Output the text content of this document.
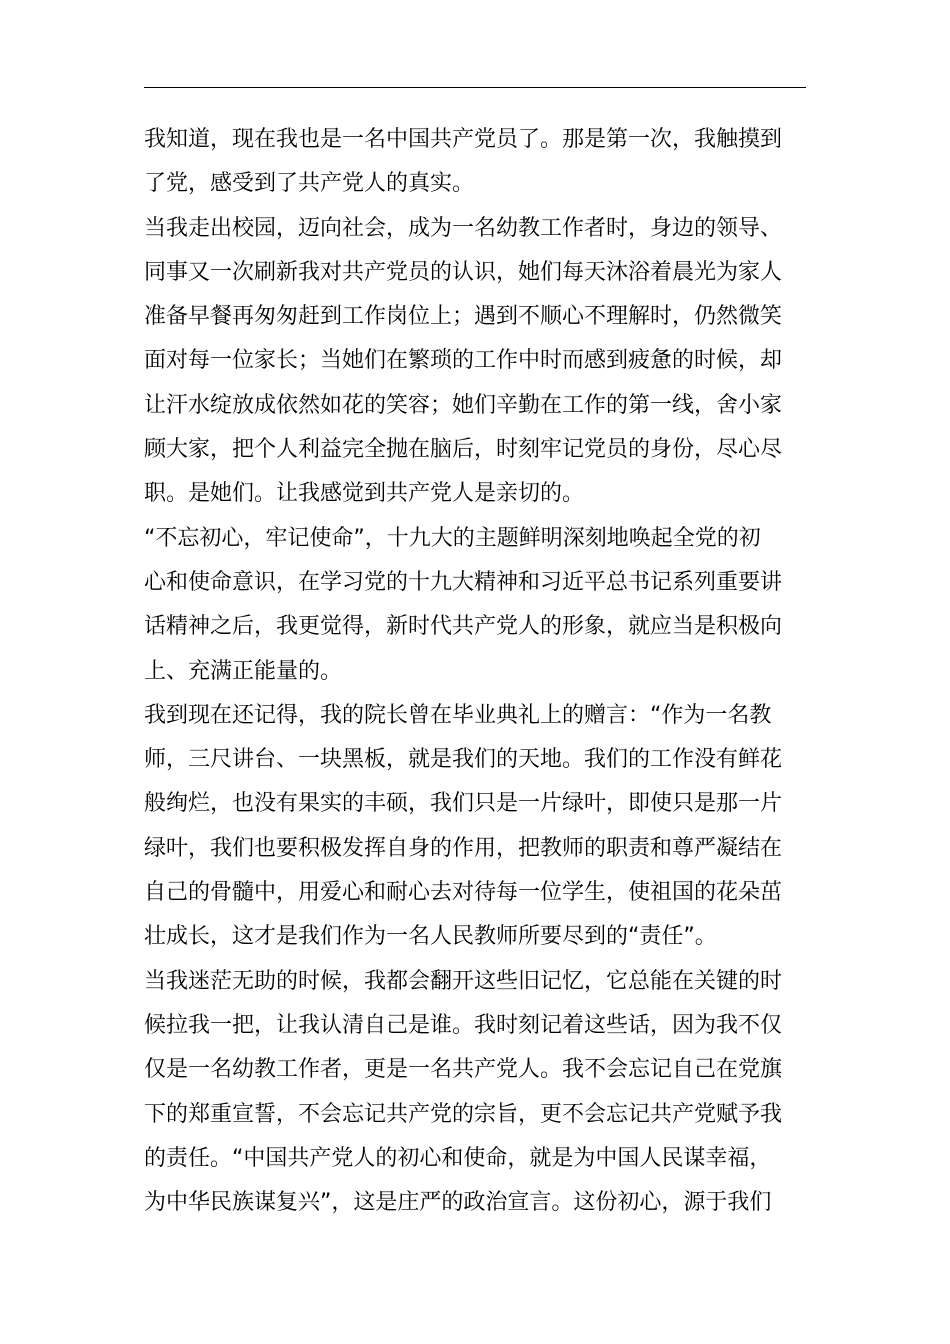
我知道，现在我也是一名中国共产党员了。那是第一次，我触摸到
了党，感受到了共产党人的真实。
当我走出校园，迈向社会，成为一名幼教工作者时，身边的领导、
同事又一次刷新我对共产党员的认识，她们每天沐浴着晨光为家人
准备早餐再匆匆赶到工作岗位上；遇到不顺心不理解时，仍然微笑
面对每一位家长；当她们在繁琐的工作中时而感到疲惫的时候，却
让汗水绽放成依然如花的笑容；她们辛勤在工作的第一线，舍小家
顾大家，把个人利益完全抛在脑后，时刻牢记党员的身份，尽心尽
职。是她们。让我感觉到共产党人是亲切的。
“不忘初心，牢记使命”，十九大的主题鲜明深刻地唤起全党的初
心和使命意识，在学习党的十九大精神和习近平总书记系列重要讲
话精神之后，我更觉得，新时代共产党人的形象，就应当是积极向
上、充满正能量的。
我到现在还记得，我的院长曾在毕业典礼上的赠言：“作为一名教
师，三尺讲台、一块黑板，就是我们的天地。我们的工作没有鲜花
般绚烂，也没有果实的丰硕，我们只是一片绿叶，即使只是那一片
绿叶，我们也要积极发挥自身的作用，把教师的职责和尊严凝结在
自己的骨髓中，用爱心和耐心去对待每一位学生，使祖国的花朵茁
壮成长，这才是我们作为一名人民教师所要尽到的“责任”。
当我迷茫无助的时候，我都会翻开这些旧记忆，它总能在关键的时
候拉我一把，让我认清自己是谁。我时刻记着这些话，因为我不仅
仅是一名幼教工作者，更是一名共产党人。我不会忘记自己在党旗
下的郑重宣誓，不会忘记共产党的宗旨，更不会忘记共产党赋予我
的责任。“中国共产党人的初心和使命，就是为中国人民谋幸福，
为中华民族谋复兴”，这是庄严的政治宣言。这份初心，源于我们
